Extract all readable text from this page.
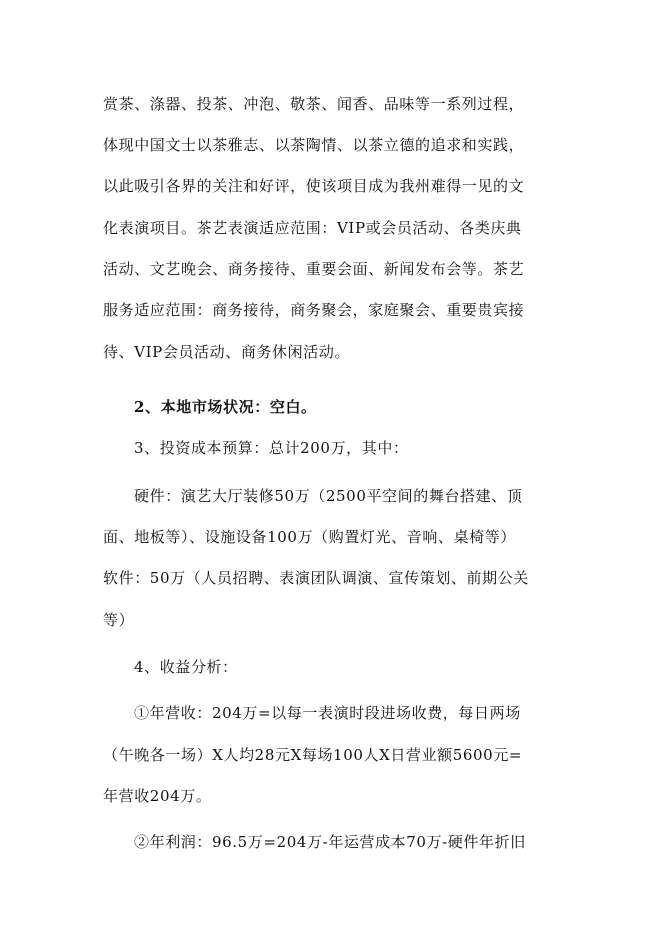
赏茶、涤器、投茶、冲泡、敬茶、闻香、品味等一系列过程，
体现中国文士以茶雅志、以茶陶情、以茶立德的追求和实践，
以此吸引各界的关注和好评，使该项目成为我州难得一见的文
化表演项目。茶艺表演适应范围：VIP或会员活动、各类庆典
活动、文艺晚会、商务接待、重要会面、新闻发布会等。茶艺
服务适应范围：商务接待，商务聚会，家庭聚会、重要贵宾接
待、VIP会员活动、商务休闲活动。
2、本地市场状况：空白。
3、投资成本预算：总计200万，其中：
硬件：演艺大厅装修50万（2500平空间的舞台搭建、顶
面、地板等）、设施设备100万（购置灯光、音响、桌椅等）
软件：50万（人员招聘、表演团队调演、宣传策划、前期公关
等）
4、收益分析：
①年营收：204万=以每一表演时段进场收费，每日两场
（午晚各一场）X人均28元X每场100人X日营业额5600元=
年营收204万。
②年利润：96.5万=204万-年运营成本70万-硬件年折旧
